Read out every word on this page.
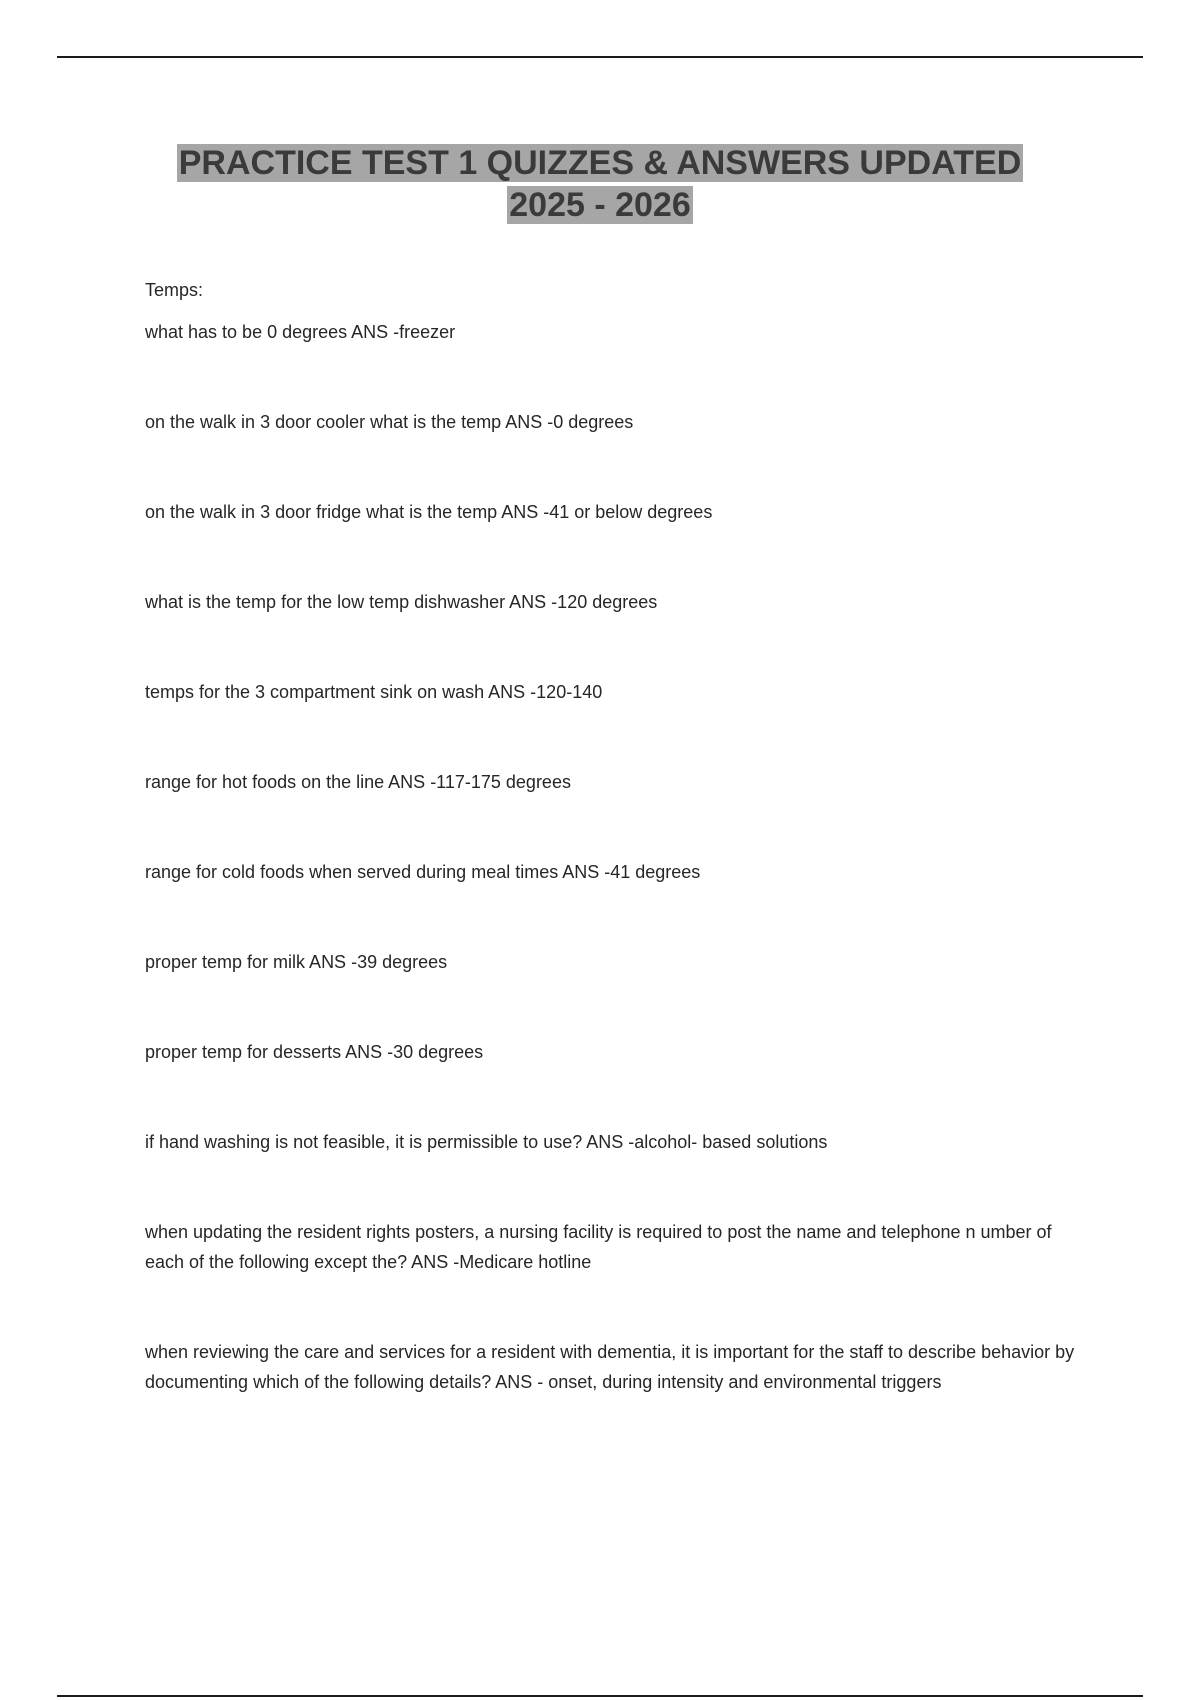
PRACTICE TEST 1 QUIZZES & ANSWERS UPDATED
2025 - 2026

Temps:

what has to be 0 degrees ANS -freezer

on the walk in 3 door cooler what is the temp ANS -0 degrees

on the walk in 3 door fridge what is the temp ANS -41 or below degrees

what is the temp for the low temp dishwasher ANS -120 degrees

temps for the 3 compartment sink on wash ANS -120-140

range for hot foods on the line ANS -117-175 degrees

range for cold foods when served during meal times ANS -41 degrees

proper temp for milk ANS -39 degrees

proper temp for desserts ANS -30 degrees

if hand washing is not feasible, it is permissible to use? ANS -alcohol- based solutions

when updating the resident rights posters, a nursing facility is required to post the name and telephone n umber of each of the following except the? ANS -Medicare hotline

when reviewing the care and services for a resident with dementia, it is important for the staff to describe behavior by documenting which of the following details? ANS - onset, during intensity and environmental triggers
